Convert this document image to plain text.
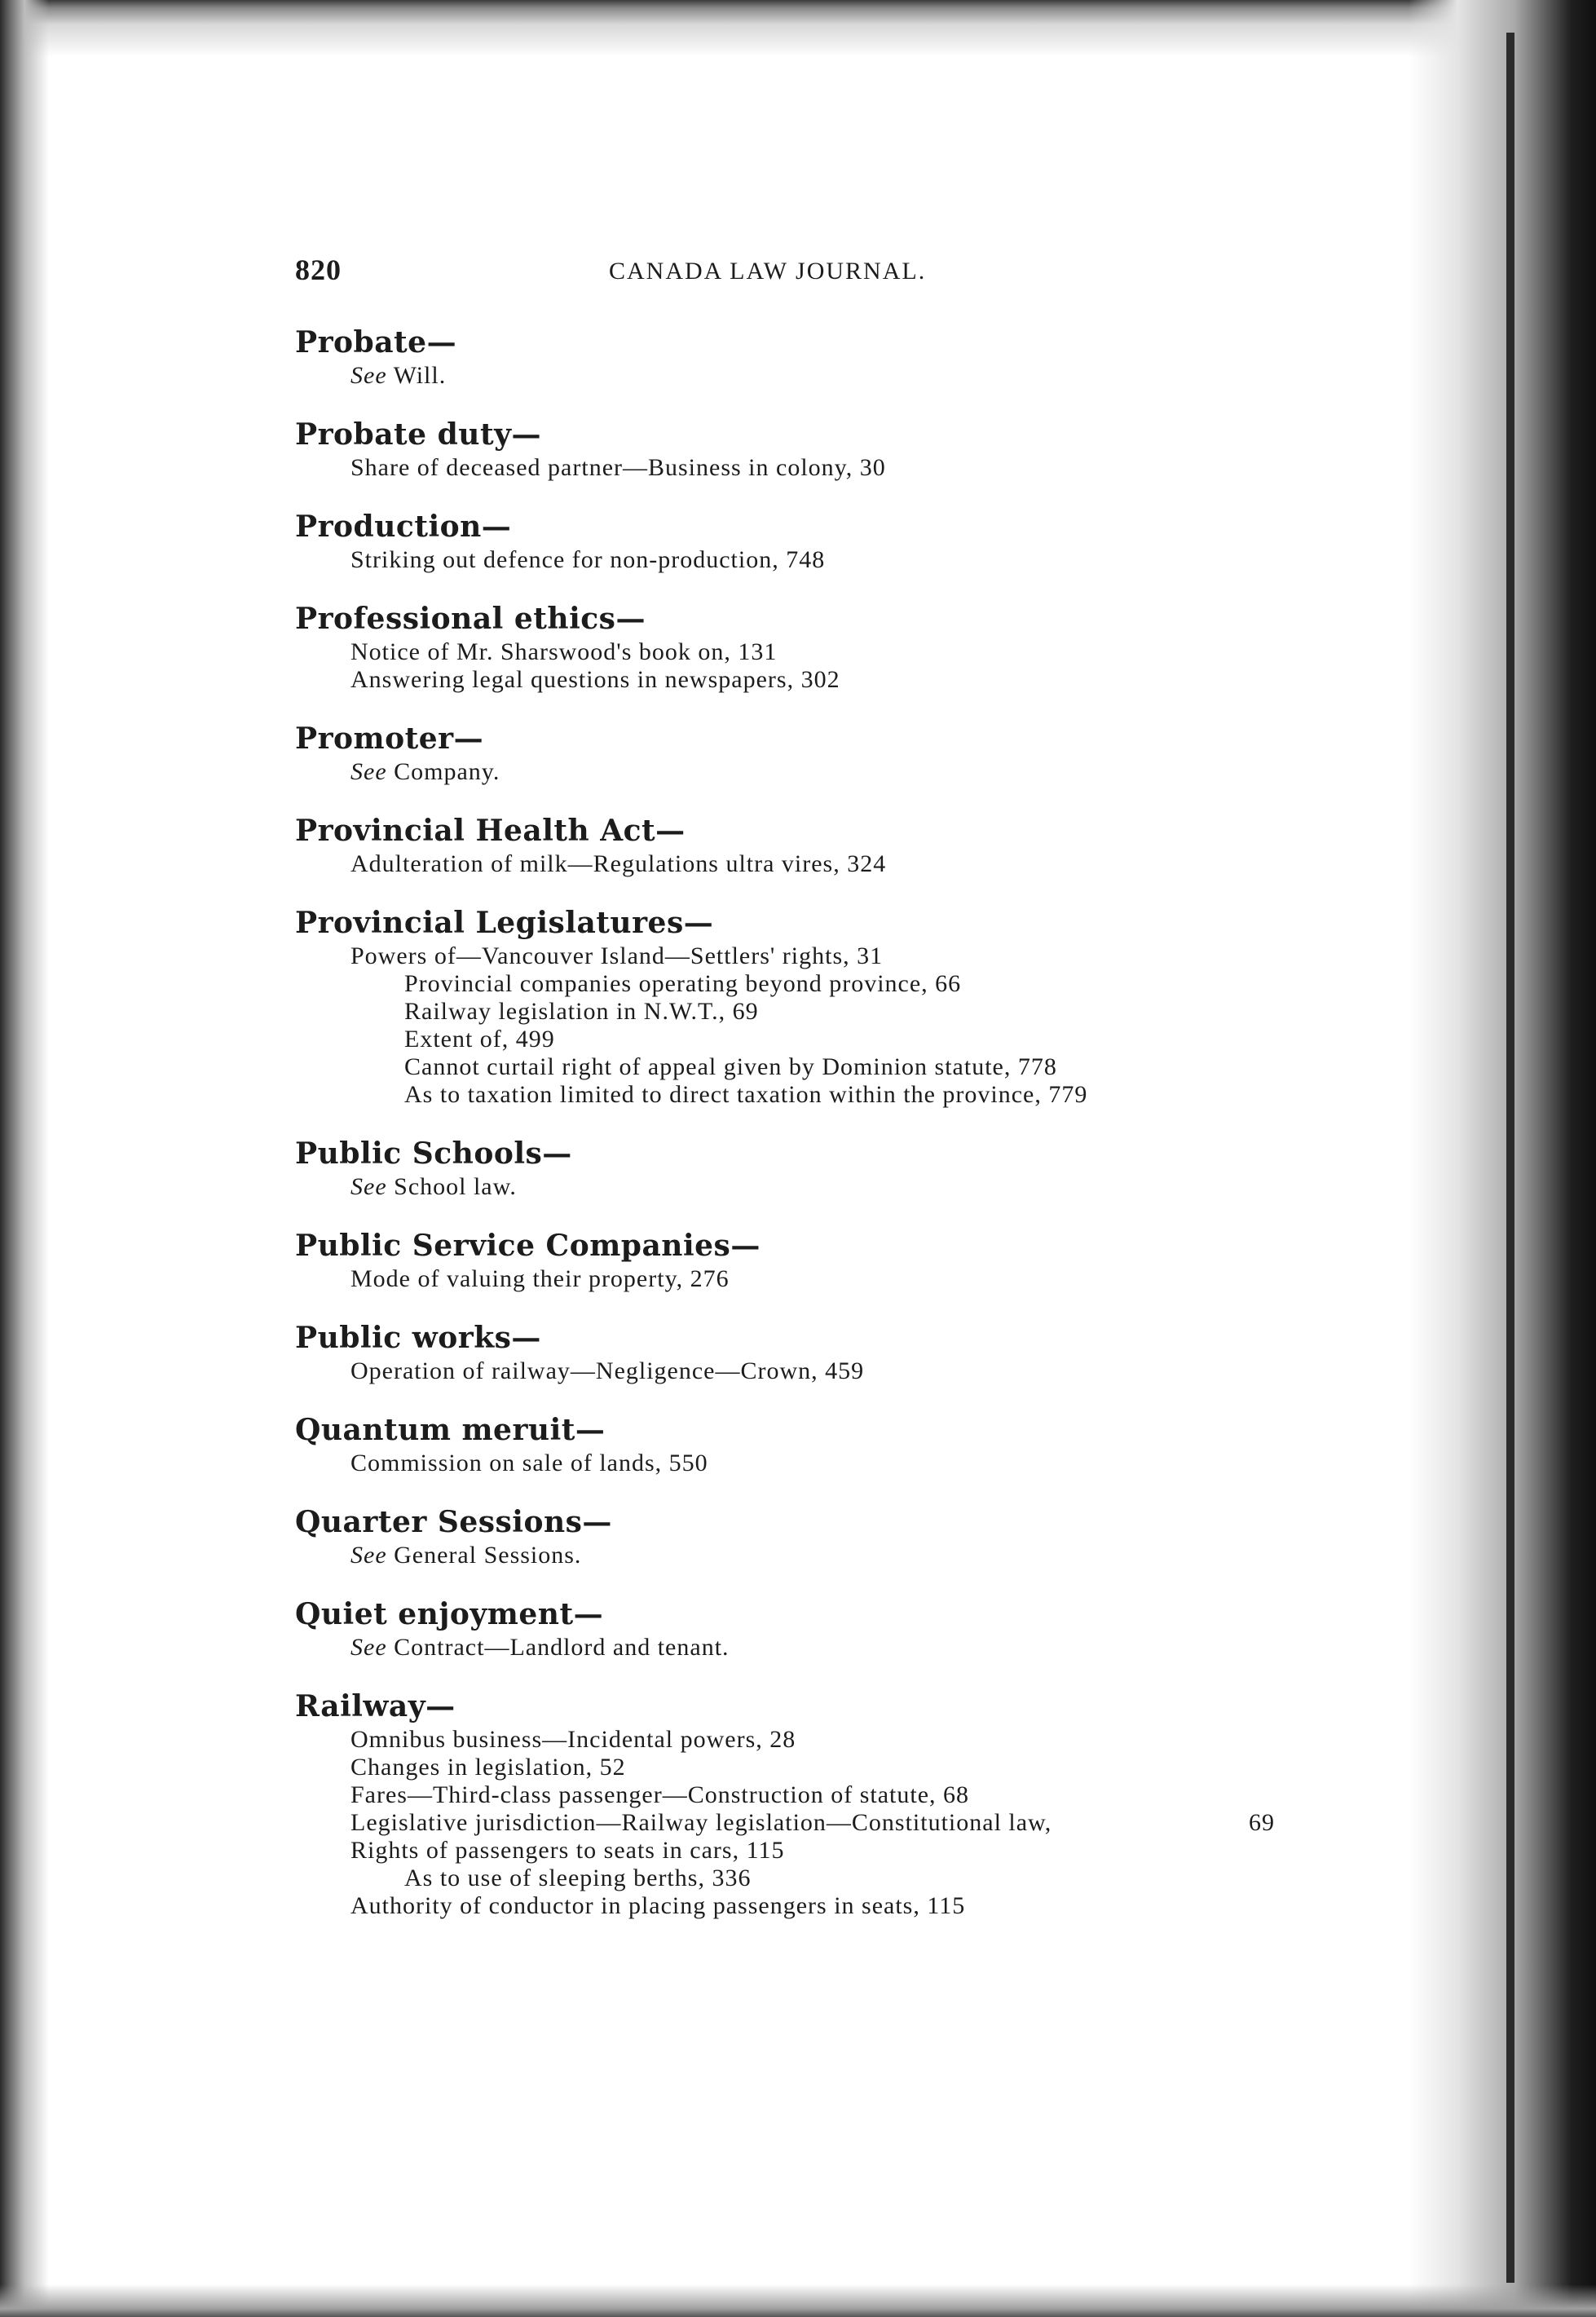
820	CANADA LAW JOURNAL.
Probate—
See Will.
Probate duty—
Share of deceased partner—Business in colony, 30
Production—
Striking out defence for non-production, 748
Professional ethics—
Notice of Mr. Sharswood's book on, 131
Answering legal questions in newspapers, 302
Promoter—
See Company.
Provincial Health Act—
Adulteration of milk—Regulations ultra vires, 324
Provincial Legislatures—
Powers of—Vancouver Island—Settlers' rights, 31
Provincial companies operating beyond province, 66
Railway legislation in N.W.T., 69
Extent of, 499
Cannot curtail right of appeal given by Dominion statute, 778
As to taxation limited to direct taxation within the province, 779
Public Schools—
See School law.
Public Service Companies—
Mode of valuing their property, 276
Public works—
Operation of railway—Negligence—Crown, 459
Quantum meruit—
Commission on sale of lands, 550
Quarter Sessions—
See General Sessions.
Quiet enjoyment—
See Contract—Landlord and tenant.
Railway—
Omnibus business—Incidental powers, 28
Changes in legislation, 52
Fares—Third-class passenger—Construction of statute, 68
Legislative jurisdiction—Railway legislation—Constitutional law,	69
Rights of passengers to seats in cars, 115
As to use of sleeping berths, 336
Authority of conductor in placing passengers in seats, 115
